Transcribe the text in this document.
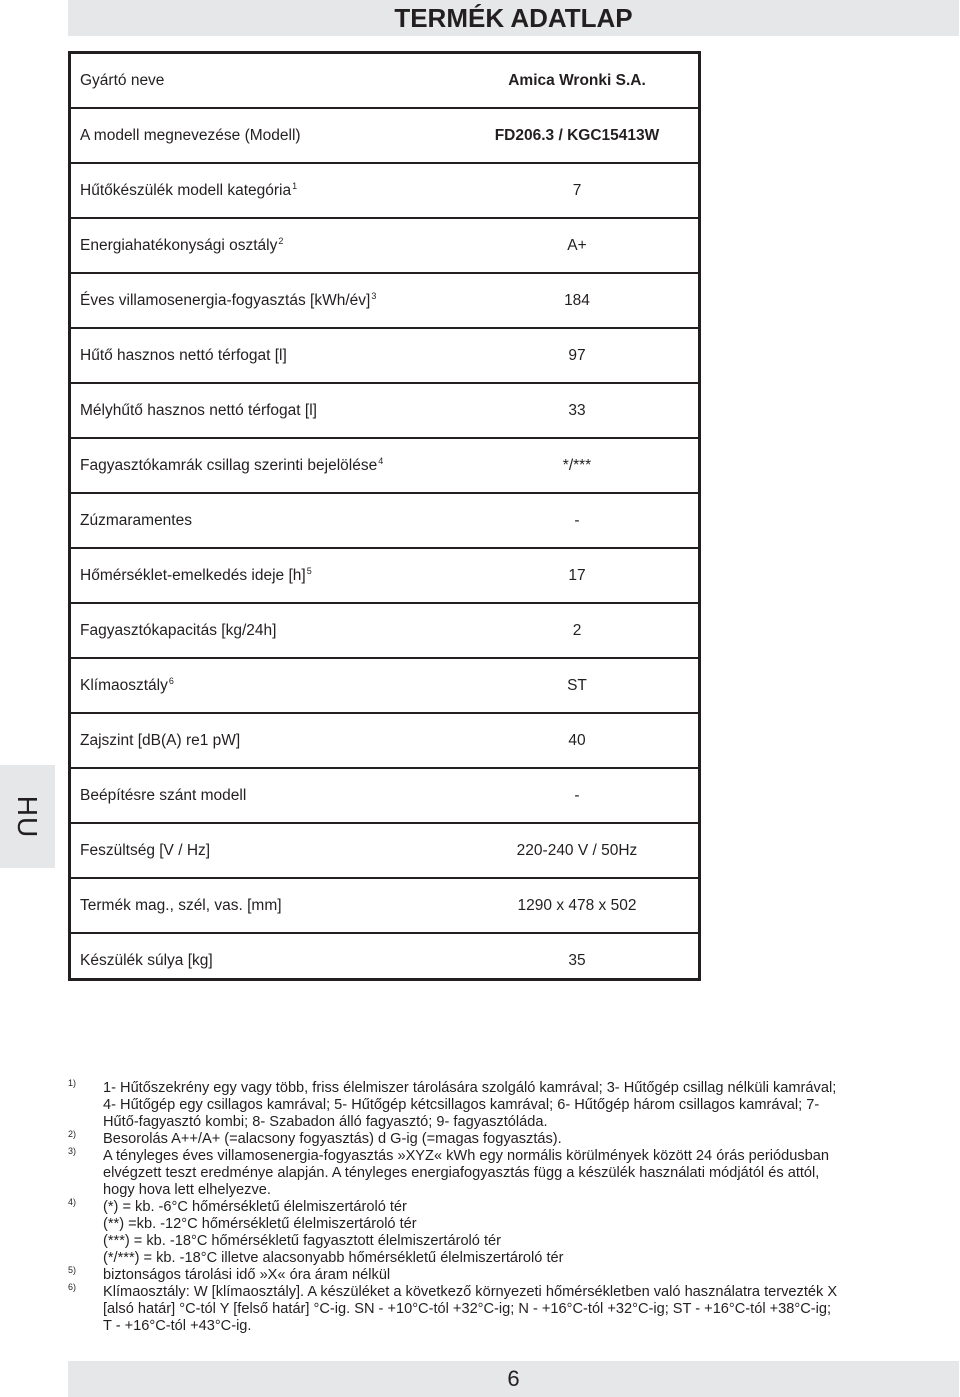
TERMÉK ADATLAP
Gyártó neve	Amica Wronki S.A.
A modell megnevezése (Modell)	FD206.3 / KGC15413W
Hűtőkészülék modell kategória$^1$	7
Energiahatékonysági osztály$^2$	A+
Éves villamosenergia-fogyasztás [kWh/év]$^3$	184
Hűtő hasznos nettó térfogat [l]	97
Mélyhűtő hasznos nettó térfogat [l]	33
Fagyasztókamrák csillag szerinti bejelölése$^4$	*/***
Zúzmaramentes	-
Hőmérséklet-emelkedés ideje $[h]^5$	17
Fagyasztókapacitás [kg/24h]	2
Klímaosztály$^6$	ST
Zajszint [dB(A) re1 pW]	40
Beépítésre szánt modell	-
Feszültség [V / Hz]	220-240 V / 50Hz
Termék mag., szél, vas. [mm]	1290 x 478 x 502
Készülék súlya [kg]	35
HU
1) 1- Hűtőszekrény egy vagy több, friss élelmiszer tárolására szolgáló kamrával; 3- Hűtőgép csillag nélküli kamrával;
4- Hűtőgép egy csillagos kamrával; 5- Hűtőgép kétcsillagos kamrával; 6- Hűtőgép három csillagos kamrával; 7-
Hűtő-fagyasztó kombi; 8- Szabadon álló fagyasztó; 9- fagyasztóláda.
2) Besorolás A++/A+ (=alacsony fogyasztás) d G-ig (=magas fogyasztás).
3) A tényleges éves villamosenergia-fogyasztás »XYZ« kWh egy normális körülmények között 24 órás periódusban
elvégzett teszt eredménye alapján. A tényleges energiafogyasztás függ a készülék használati módjától és attól,
hogy hova lett elhelyezve.
4) (*) = kb. -6°C hőmérsékletű élelmiszertároló tér
(**) =kb. -12°C hőmérsékletű élelmiszertároló tér
(***) = kb. -18°C hőmérsékletű fagyasztott élelmiszertároló tér
(*/***) = kb. -18°C illetve alacsonyabb hőmérsékletű élelmiszertároló tér
5) biztonságos tárolási idő »X« óra áram nélkül
6) Klímaosztály: W [klímaosztály]. A készüléket a következő környezeti hőmérsékletben való használatra tervezték X
[alsó határ] °C-tól Y [felső határ] °C-ig. SN - +10°C-tól +32°C-ig; N - +16°C-tól +32°C-ig; ST - +16°C-tól +38°C-ig;
T - +16°C-tól +43°C-ig.
6
